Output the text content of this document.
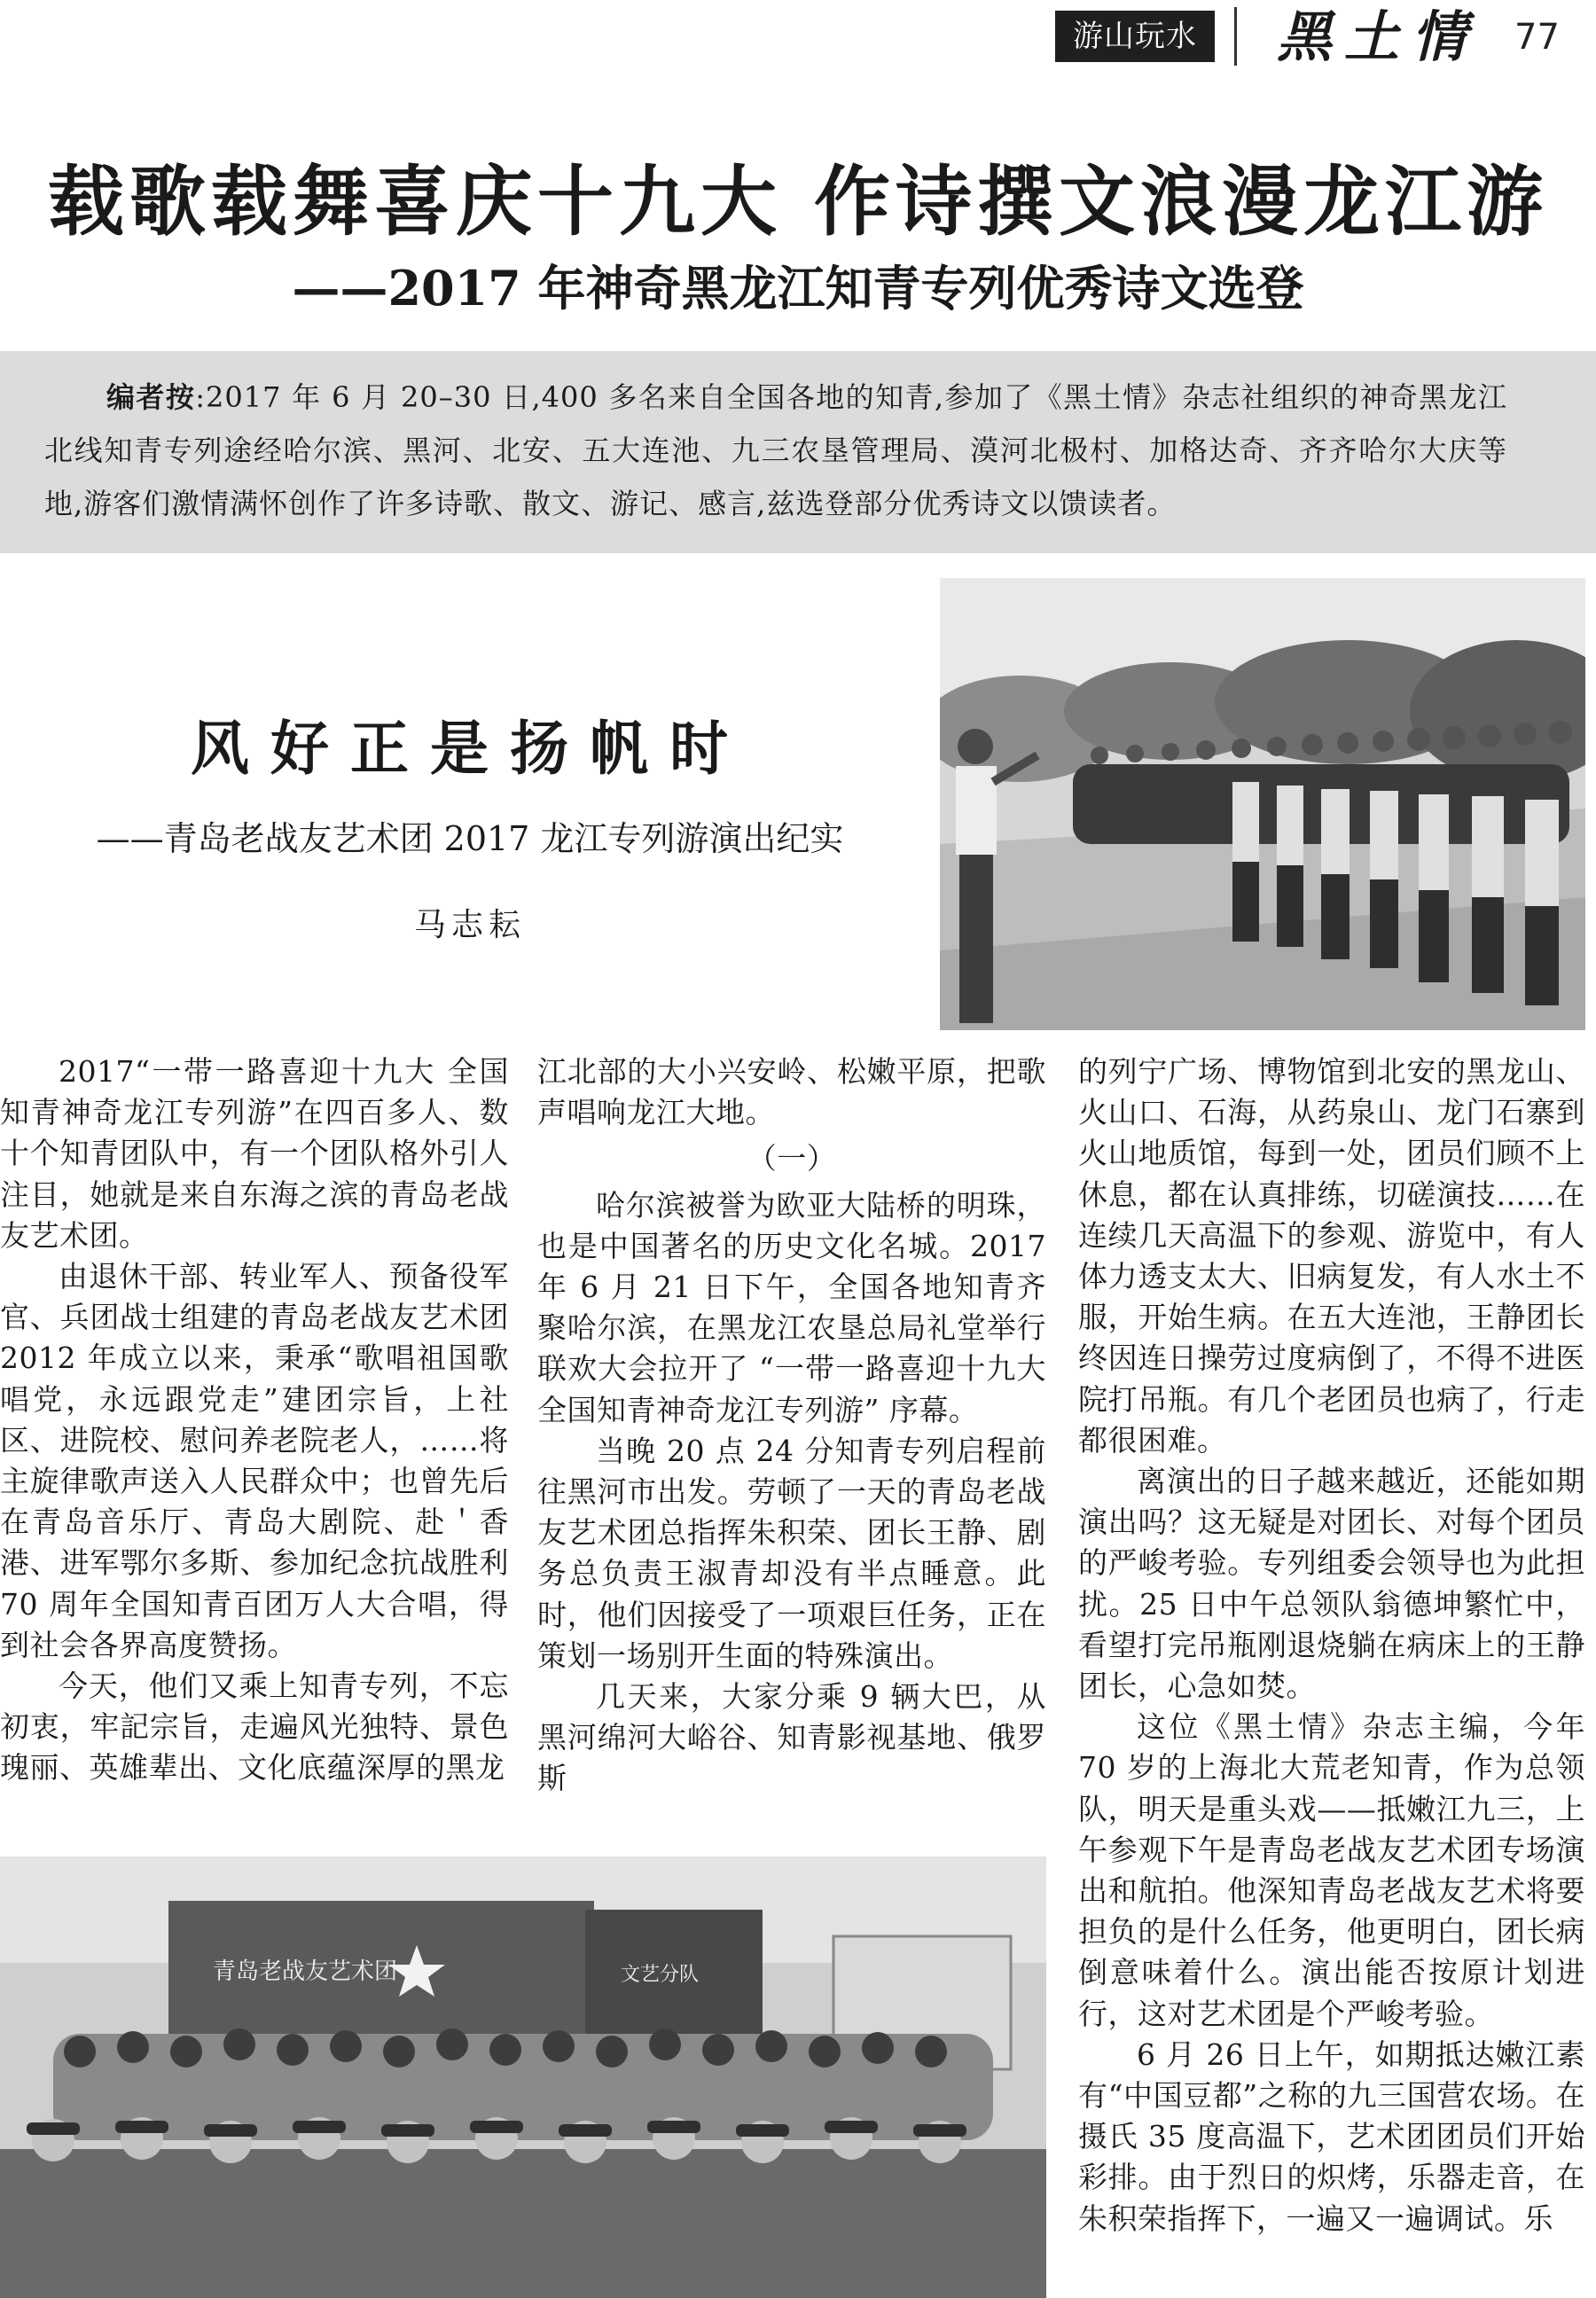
游山玩水	黑土情 77
载歌载舞喜庆十九大 作诗撰文浪漫龙江游
——2017 年神奇黑龙江知青专列优秀诗文选登
编者按:2017 年 6 月 20–30 日,400 多名来自全国各地的知青,参加了《黑土情》杂志社组织的神奇黑龙江北线知青专列途经哈尔滨、黑河、北安、五大连池、九三农垦管理局、漠河北极村、加格达奇、齐齐哈尔大庆等地,游客们激情满怀创作了许多诗歌、散文、游记、感言,兹选登部分优秀诗文以馈读者。
风好正是扬帆时
——青岛老战友艺术团 2017 龙江专列游演出纪实
马志耘

2017“一带一路喜迎十九大 全国知青神奇龙江专列游”在四百多人、数十个知青团队中，有一个团队格外引人注目，她就是来自东海之滨的青岛老战友艺术团。

由退休干部、转业军人、预备役军官、兵团战士组建的青岛老战友艺术团 2012 年成立以来，秉承“歌唱祖国歌唱党，永远跟党走”建团宗旨，上社区、进院校、慰问养老院老人，……将主旋律歌声送入人民群众中；也曾先后在青岛音乐厅、青岛大剧院、赴＇香港、进军鄂尔多斯、参加纪念抗战胜利 70 周年全国知青百团万人大合唱，得到社会各界高度赞扬。

今天，他们又乘上知青专列，不忘初衷，牢記宗旨，走遍风光独特、景色瑰丽、英雄辈出、文化底蕴深厚的黑龙

江北部的大小兴安岭、松嫩平原，把歌声唱响龙江大地。

（一）

哈尔滨被誉为欧亚大陆桥的明珠，也是中国著名的历史文化名城。2017 年 6 月 21 日下午，全国各地知青齐聚哈尔滨，在黑龙江农垦总局礼堂举行联欢大会拉开了 “一带一路喜迎十九大 全国知青神奇龙江专列游” 序幕。

当晚 20 点 24 分知青专列启程前往黑河市出发。劳顿了一天的青岛老战友艺术团总指挥朱积荣、团长王静、剧务总负责王淑青却没有半点睡意。此时，他们因接受了一项艰巨任务，正在策划一场别开生面的特殊演出。

几天来，大家分乘 9 辆大巴，从黑河绵河大峪谷、知青影视基地、俄罗斯

的列宁广场、博物馆到北安的黑龙山、火山口、石海，从药泉山、龙门石寨到火山地质馆，每到一处，团员们顾不上休息，都在认真排练，切磋演技……在连续几天高温下的参观、游览中，有人体力透支太大、旧病复发，有人水土不服，开始生病。在五大连池，王静团长终因连日操劳过度病倒了，不得不进医院打吊瓶。有几个老团员也病了，行走都很困难。

离演出的日子越来越近，还能如期演出吗？这无疑是对团长、对每个团员的严峻考验。专列组委会领导也为此担扰。25 日中午总领队翁德坤繁忙中，看望打完吊瓶刚退烧躺在病床上的王静团长，心急如焚。

这位《黑土情》杂志主编，今年 70 岁的上海北大荒老知青，作为总领队，明天是重头戏——抵嫩江九三，上午参观下午是青岛老战友艺术团专场演出和航拍。他深知青岛老战友艺术将要担负的是什么任务，他更明白，团长病倒意味着什么。演出能否按原计划进行，这对艺术团是个严峻考验。

6 月 26 日上午，如期抵达嫩江素有“中国豆都”之称的九三国营农场。在摄氏 35 度高温下，艺术团团员们开始彩排。由于烈日的炽烤，乐器走音，在朱积荣指挥下，一遍又一遍调试。乐

青岛老战友艺术团	文艺分队
